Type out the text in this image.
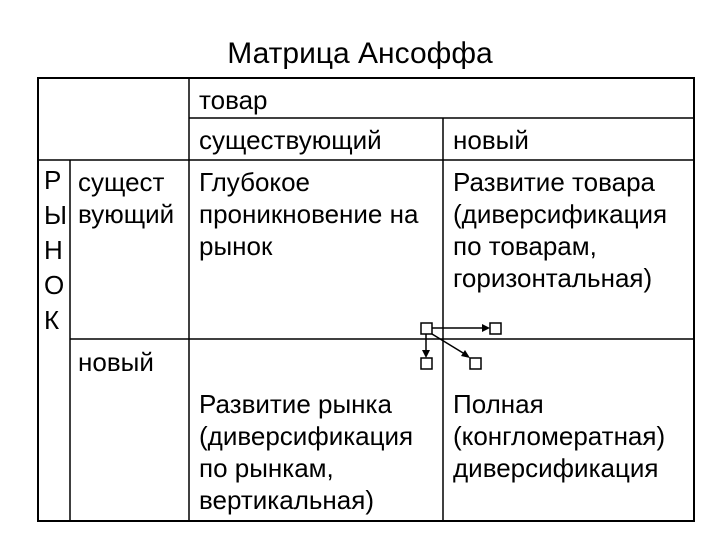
Матрица Ансоффа
товар
существующий	новый
Р
Ы
Н
О
К
сущест
вующий
новый
Глубокое
проникновение на
рынок
Развитие товара
(диверсификация
по товарам,
горизонтальная)
Развитие рынка
(диверсификация
по рынкам,
вертикальная)
Полная
(конгломератная)
диверсификация
